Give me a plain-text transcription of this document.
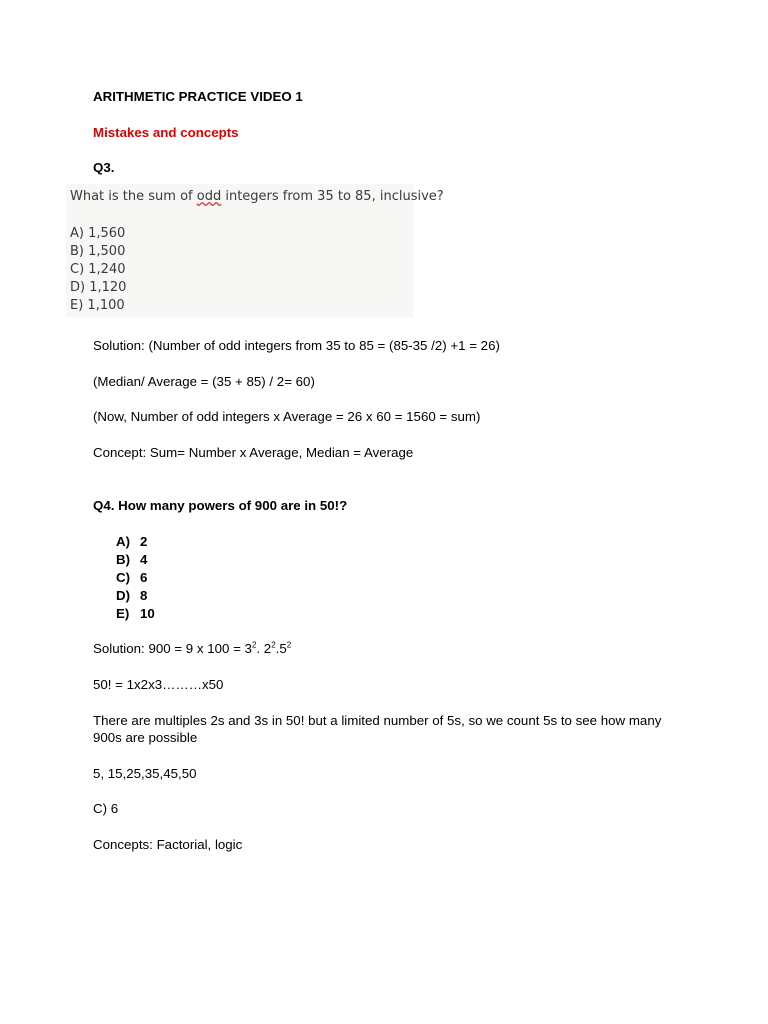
ARITHMETIC PRACTICE VIDEO 1
Mistakes and concepts
Q3.
What is the sum of odd integers from 35 to 85, inclusive?
A) 1,560
B) 1,500
C) 1,240
D) 1,120
E) 1,100
Solution: (Number of odd integers from 35 to 85 = (85-35 /2) +1 = 26)
(Median/ Average = (35 + 85) / 2= 60)
(Now, Number of odd integers x Average = 26 x 60 = 1560 = sum)
Concept: Sum= Number x Average, Median = Average
Q4. How many powers of 900 are in 50!?
A) 2
B) 4
C) 6
D) 8
E) 10
Solution: 900 = 9 x $100 = 3^2$. $2^2.5^2$
50! = 1x2x3………x50
There are multiples 2s and 3s in 50! but a limited number of 5s, so we count 5s to see how many 900s are possible
5, 15,25,35,45,50
C) 6
Concepts: Factorial, logic
